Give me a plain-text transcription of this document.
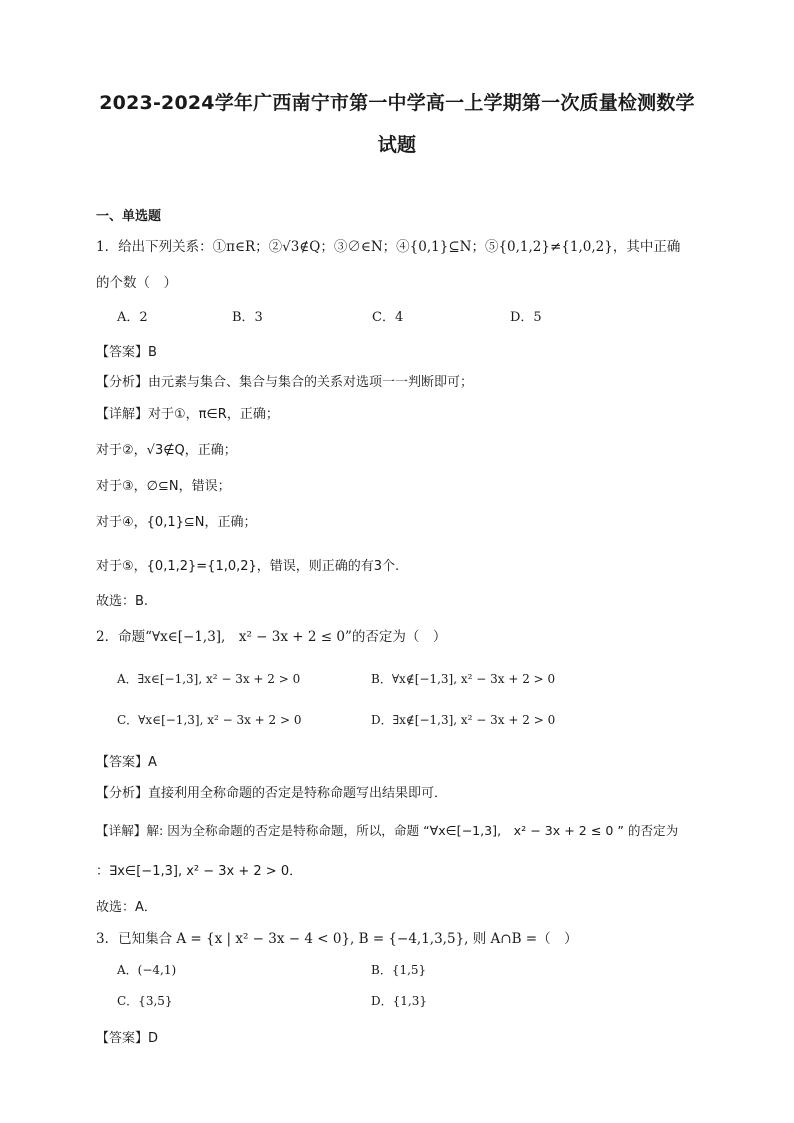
2023-2024学年广西南宁市第一中学高一上学期第一次质量检测数学
试题
一、单选题
1．给出下列关系：①π∈R；②√3∉Q；③∅∈N；④{0,1}⊆N；⑤{0,1,2}≠{1,0,2}，其中正确
的个数（　）
A．2	B．3	C．4	D．5
【答案】B
【分析】由元素与集合、集合与集合的关系对选项一一判断即可；
【详解】对于①，π∈R，正确；
对于②，√3∉Q，正确；
对于③，∅⊆N，错误；
对于④，{0,1}⊆N，正确；
对于⑤，{0,1,2}={1,0,2}，错误，则正确的有3个.
故选：B.
2．命题“∀x∈[−1,3],　x² − 3x + 2 ≤ 0”的否定为（　）
A．∃x∈[−1,3], x² − 3x + 2 > 0	B．∀x∉[−1,3], x² − 3x + 2 > 0
C．∀x∈[−1,3], x² − 3x + 2 > 0	D．∃x∉[−1,3], x² − 3x + 2 > 0
【答案】A
【分析】直接利用全称命题的否定是特称命题写出结果即可．
【详解】解: 因为全称命题的否定是特称命题，所以，命题 “∀x∈[−1,3],　x² − 3x + 2 ≤ 0 ” 的否定为
：∃x∈[−1,3], x² − 3x + 2 > 0．
故选：A．
3．已知集合 A = {x | x² − 3x − 4 < 0}, B = {−4,1,3,5}, 则 A∩B =（　）
A．(−4,1)	B．{1,5}
C．{3,5}	D．{1,3}
【答案】D
